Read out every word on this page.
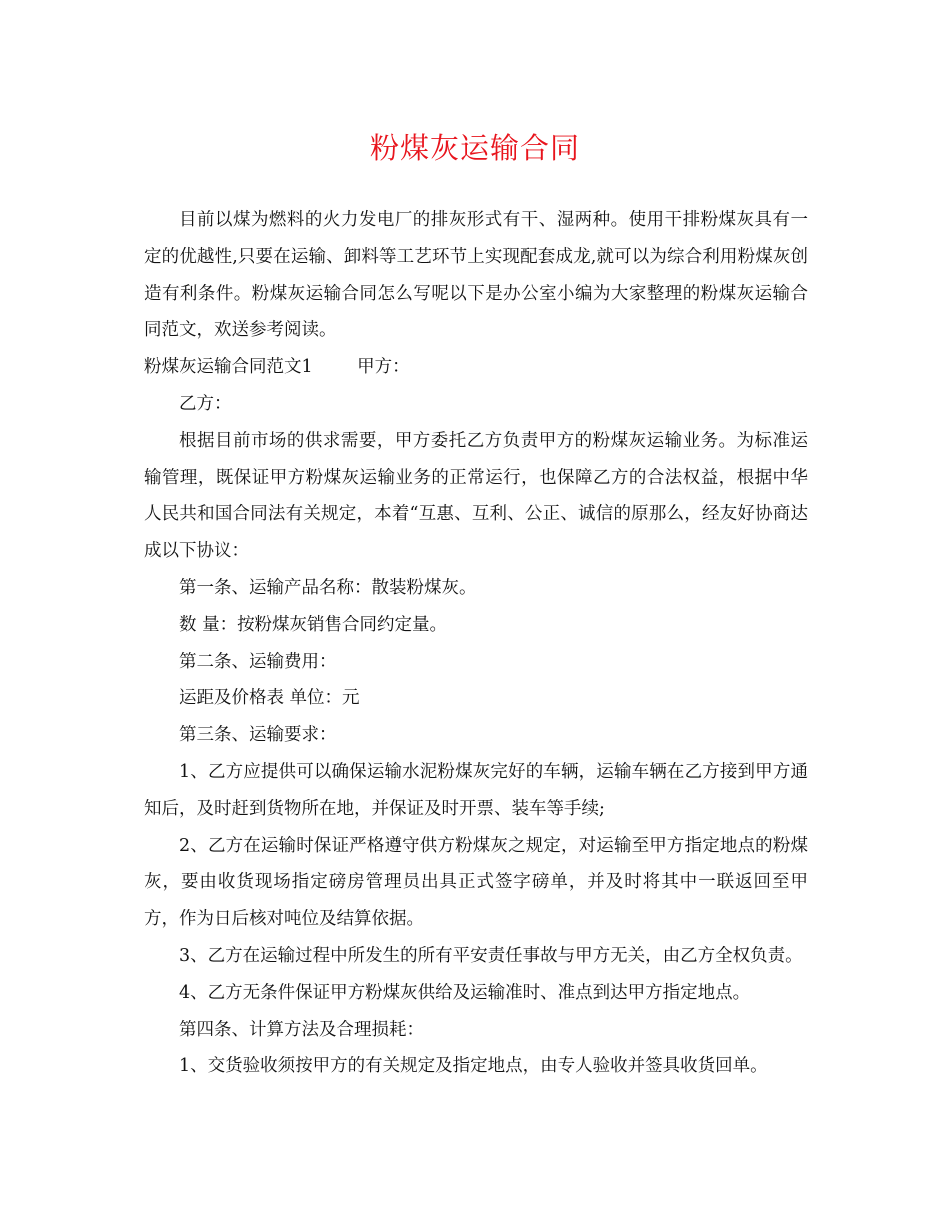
粉煤灰运输合同

目前以煤为燃料的火力发电厂的排灰形式有干、湿两种。使用干排粉煤灰具有一定的优越性,只要在运输、卸料等工艺环节上实现配套成龙,就可以为综合利用粉煤灰创造有利条件。粉煤灰运输合同怎么写呢以下是办公室小编为大家整理的粉煤灰运输合同范文，欢送参考阅读。

粉煤灰运输合同范文1        甲方：

乙方：

根据目前市场的供求需要，甲方委托乙方负责甲方的粉煤灰运输业务。为标准运输管理，既保证甲方粉煤灰运输业务的正常运行，也保障乙方的合法权益，根据中华人民共和国合同法有关规定，本着“互惠、互利、公正、诚信的原那么，经友好协商达成以下协议：

第一条、运输产品名称：散装粉煤灰。

数 量：按粉煤灰销售合同约定量。

第二条、运输费用：

运距及价格表 单位：元

第三条、运输要求：

1、乙方应提供可以确保运输水泥粉煤灰完好的车辆，运输车辆在乙方接到甲方通知后，及时赶到货物所在地，并保证及时开票、装车等手续;

2、乙方在运输时保证严格遵守供方粉煤灰之规定，对运输至甲方指定地点的粉煤灰，要由收货现场指定磅房管理员出具正式签字磅单，并及时将其中一联返回至甲方，作为日后核对吨位及结算依据。

3、乙方在运输过程中所发生的所有平安责任事故与甲方无关，由乙方全权负责。

4、乙方无条件保证甲方粉煤灰供给及运输准时、准点到达甲方指定地点。

第四条、计算方法及合理损耗：

1、交货验收须按甲方的有关规定及指定地点，由专人验收并签具收货回单。
